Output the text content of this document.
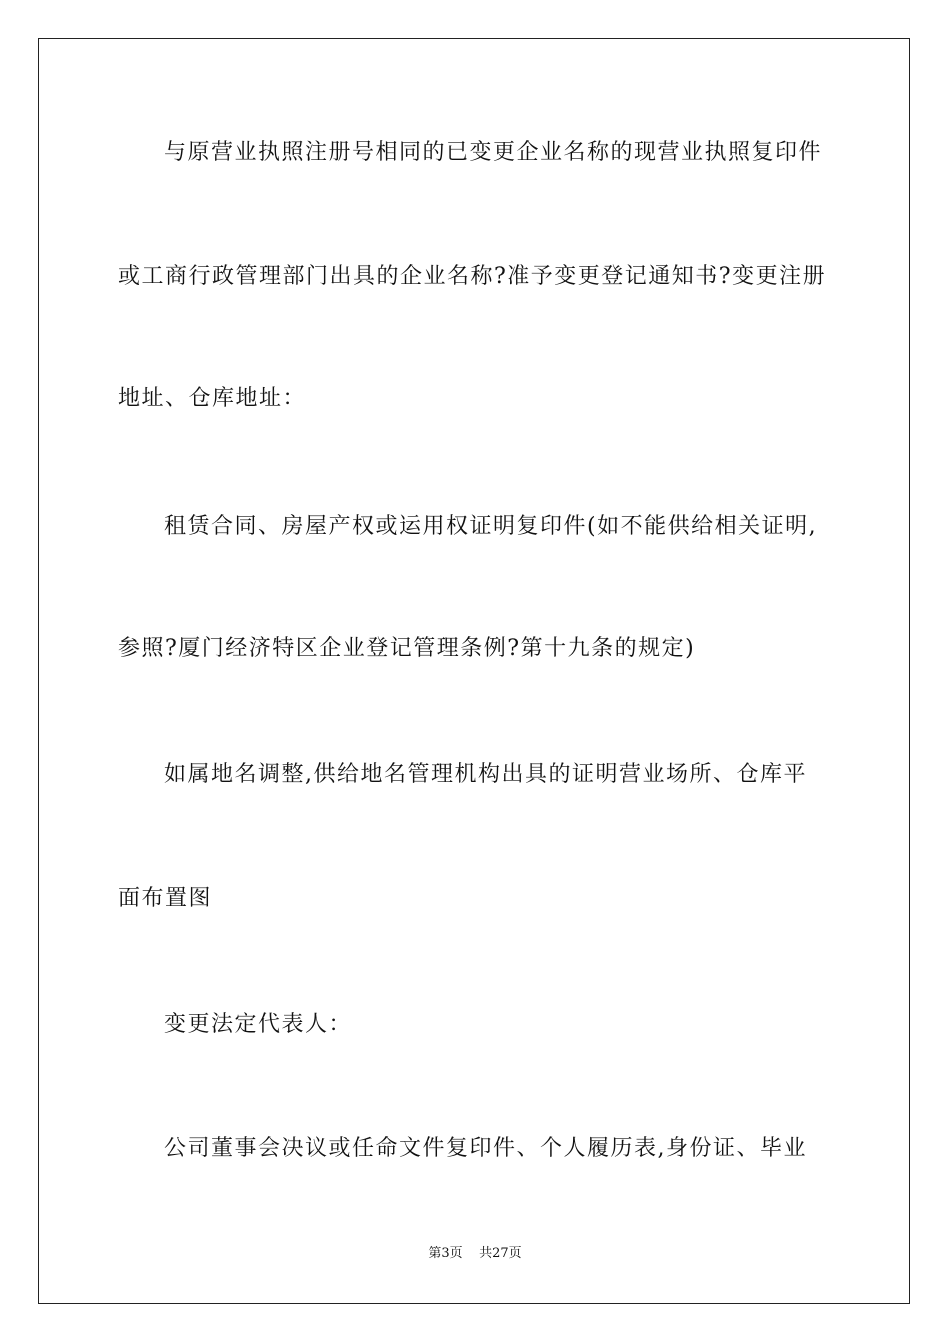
与原营业执照注册号相同的已变更企业名称的现营业执照复印件
或工商行政管理部门出具的企业名称?准予变更登记通知书?变更注册
地址、仓库地址：
租赁合同、房屋产权或运用权证明复印件(如不能供给相关证明,
参照?厦门经济特区企业登记管理条例?第十九条的规定)
如属地名调整,供给地名管理机构出具的证明营业场所、仓库平
面布置图
变更法定代表人：
公司董事会决议或任命文件复印件、个人履历表,身份证、毕业
第3页 共27页
